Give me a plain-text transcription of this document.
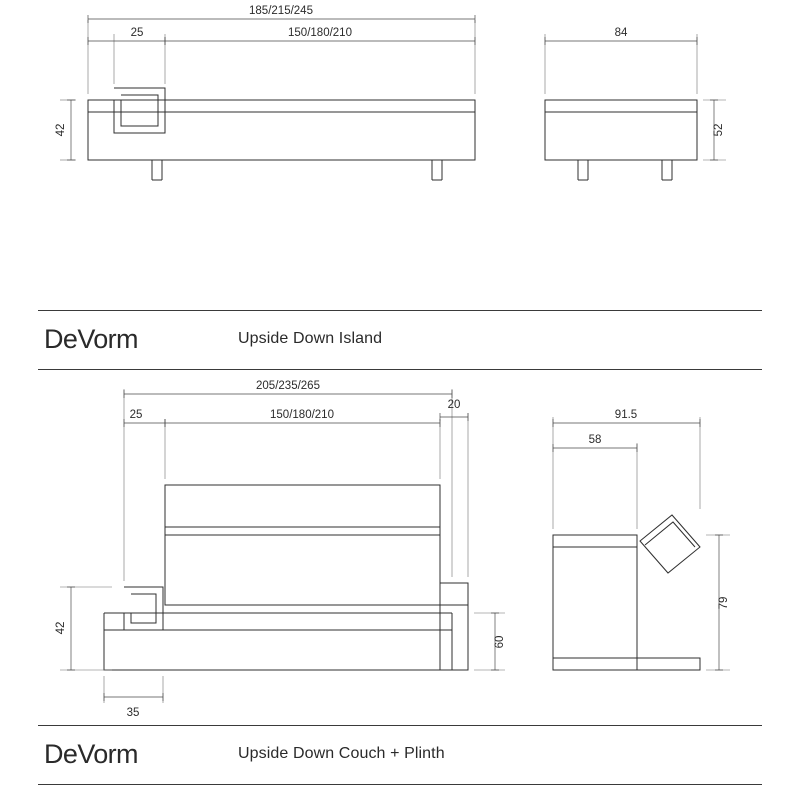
185/215/245
150/180/210
25
42
84
52
DeVorm	Upside Down Island
205/235/265
150/180/210
25
20
42
35
60
91.5
58
79
DeVorm	Upside Down Couch + Plinth
